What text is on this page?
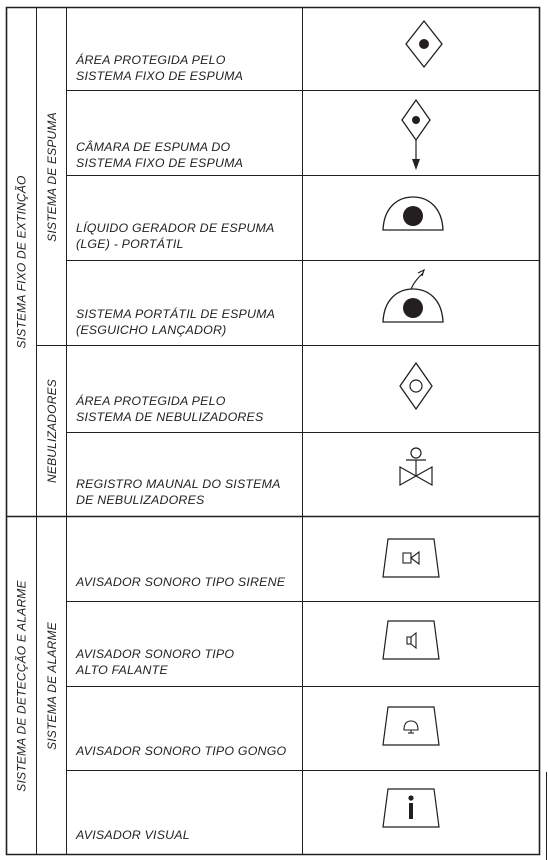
SISTEMA FIXO DE EXTINÇÃO SISTEMA DE ESPUMA
NEBULIZADORES
SISTEMA DE DETECÇÃO E ALARME SISTEMA DE ALARME
ÁREA PROTEGIDA PELO
SISTEMA FIXO DE ESPUMA
CÂMARA DE ESPUMA DO
SISTEMA FIXO DE ESPUMA
LÍQUIDO GERADOR DE ESPUMA
(LGE) - PORTÁTIL
SISTEMA PORTÁTIL DE ESPUMA
(ESGUICHO LANÇADOR)
ÁREA PROTEGIDA PELO
SISTEMA DE NEBULIZADORES
REGISTRO MAUNAL DO SISTEMA
DE NEBULIZADORES
AVISADOR SONORO TIPO SIRENE
AVISADOR SONORO TIPO
ALTO FALANTE
AVISADOR SONORO TIPO GONGO
AVISADOR VISUAL
